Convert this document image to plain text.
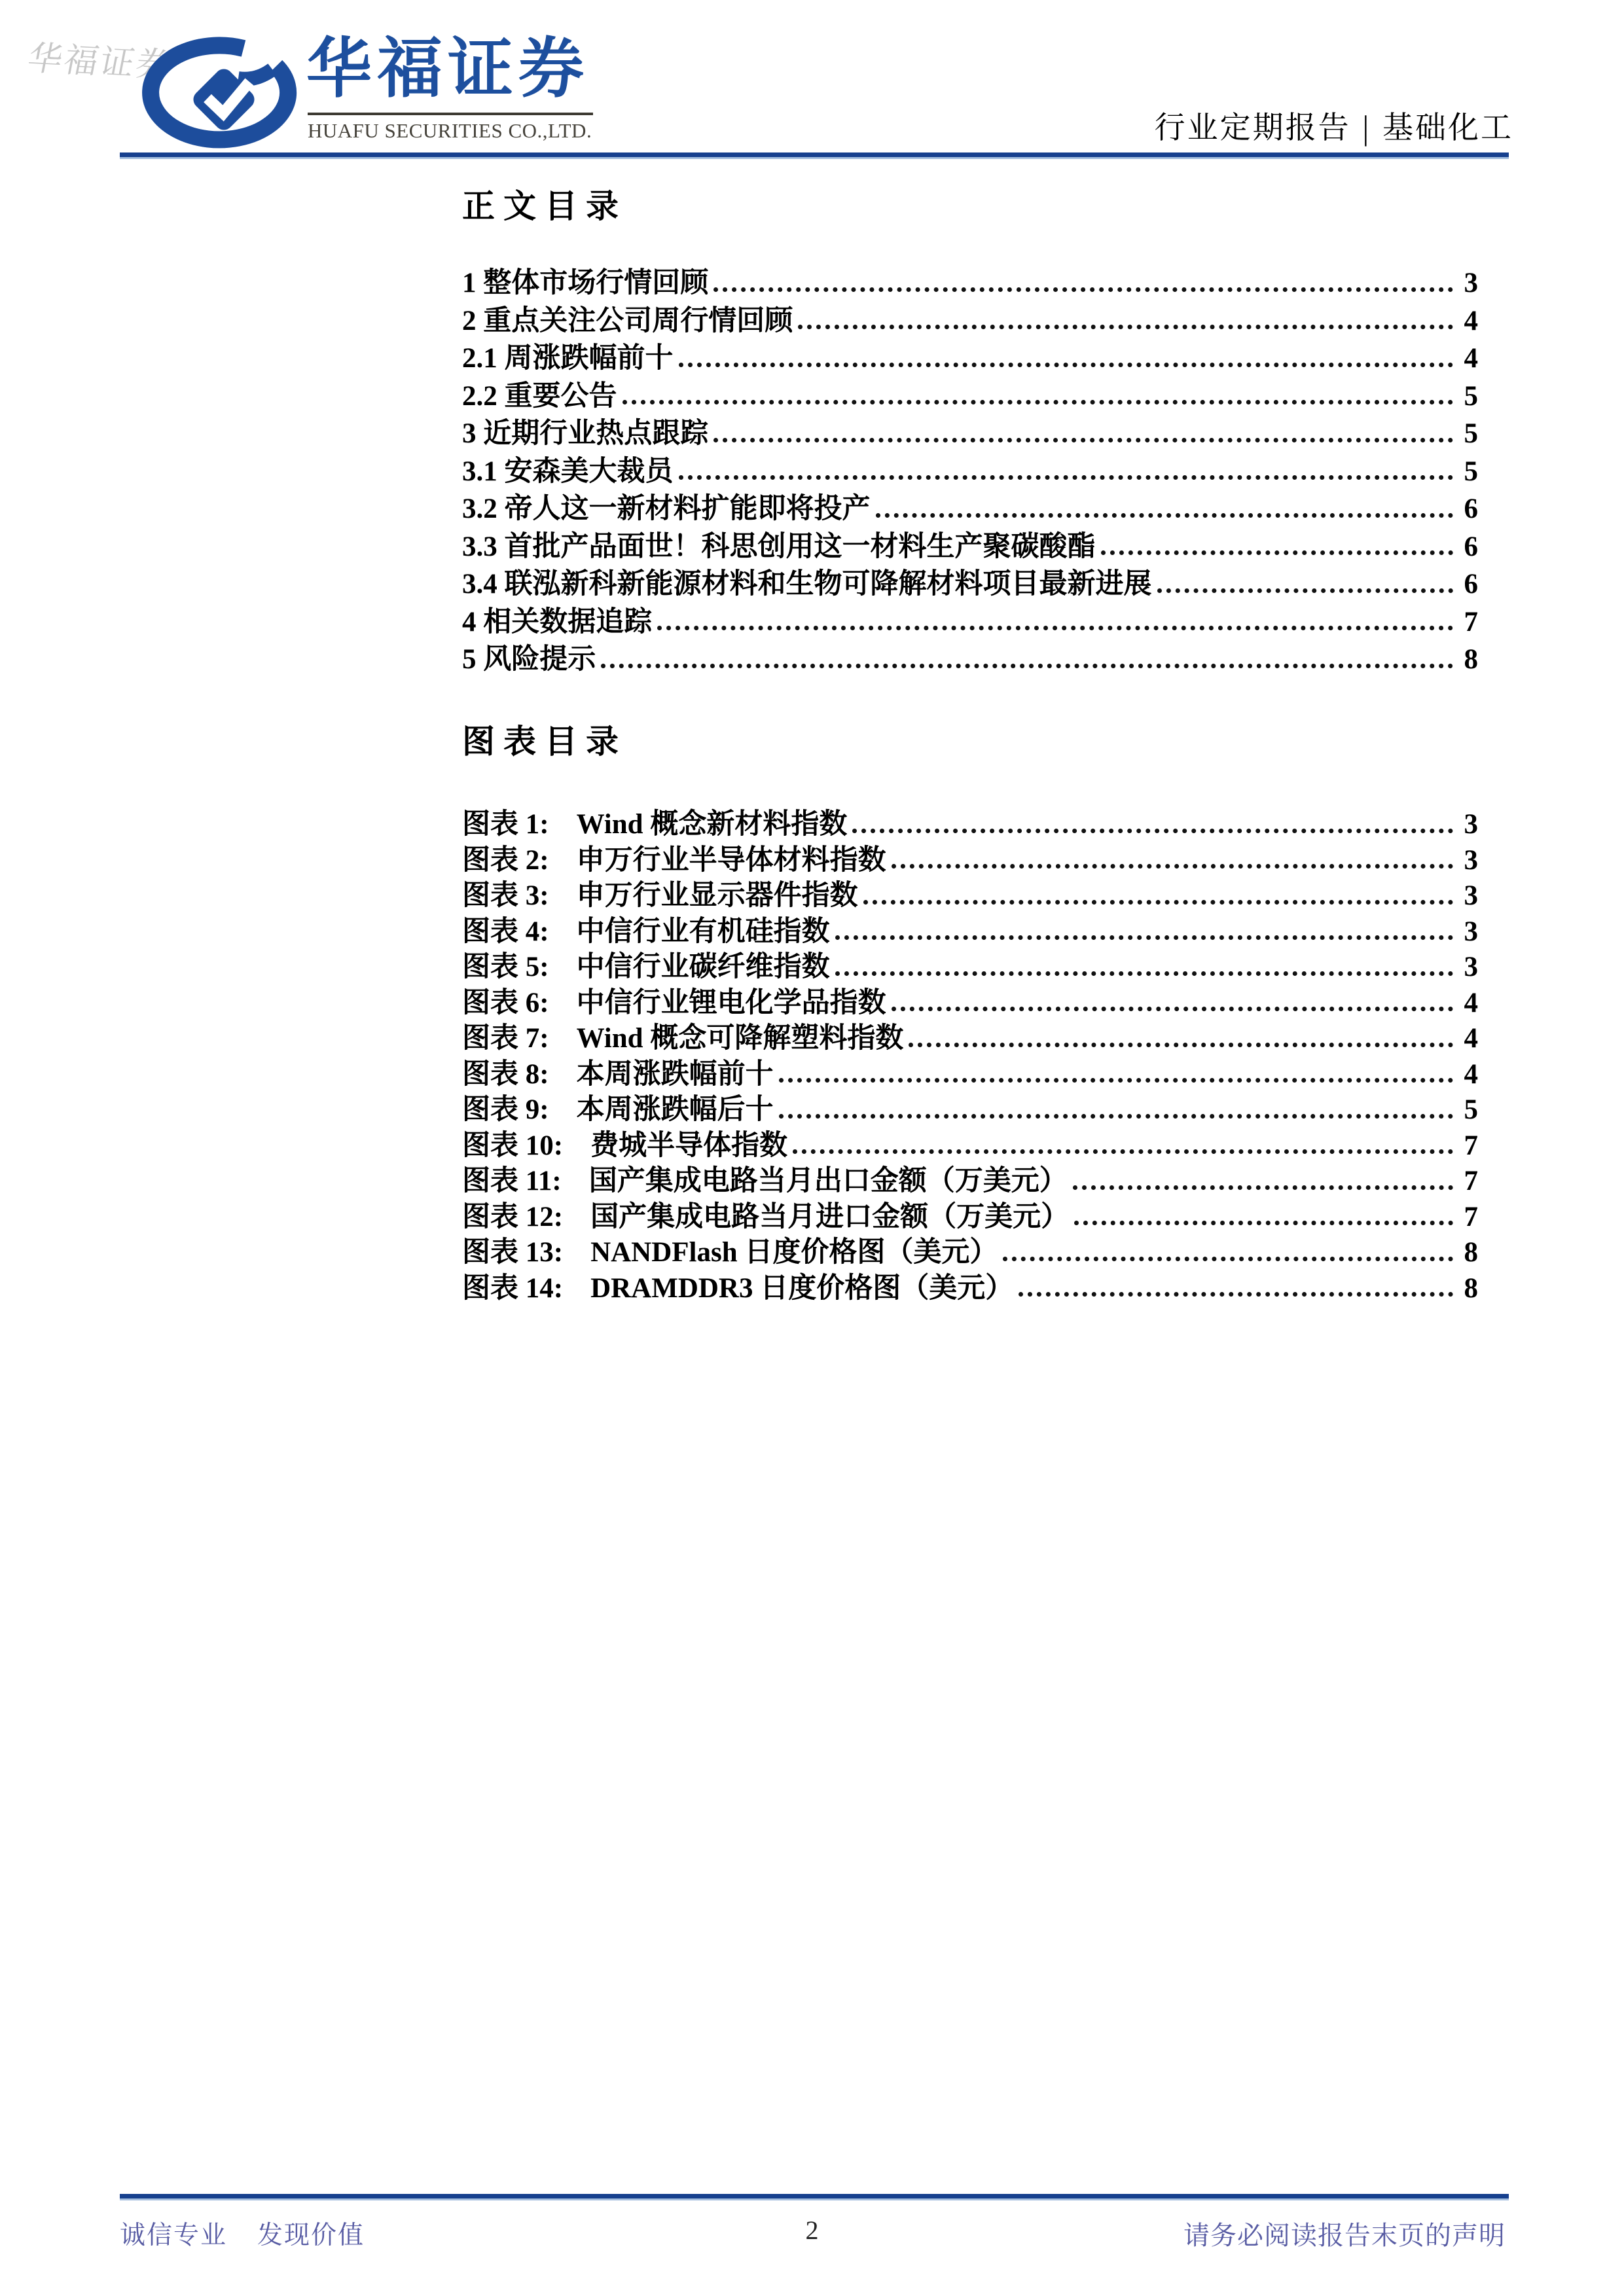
华福证券 华福证券
HUAFU SECURITIES CO.,LTD.	行业定期报告 | 基础化工
正文目录
1 整体市场行情回顾	3
2 重点关注公司周行情回顾	4
2.1 周涨跌幅前十	4
2.2 重要公告	5
3 近期行业热点跟踪	5
3.1 安森美大裁员	5
3.2 帝人这一新材料扩能即将投产	6
3.3 首批产品面世！科思创用这一材料生产聚碳酸酯	6
3.4 联泓新科新能源材料和生物可降解材料项目最新进展	6
4 相关数据追踪	7
5 风险提示	8
图表目录
图表 1: Wind 概念新材料指数	3
图表 2: 申万行业半导体材料指数	3
图表 3: 申万行业显示器件指数	3
图表 4: 中信行业有机硅指数	3
图表 5: 中信行业碳纤维指数	3
图表 6: 中信行业锂电化学品指数	4
图表 7: Wind 概念可降解塑料指数	4
图表 8: 本周涨跌幅前十	4
图表 9: 本周涨跌幅后十	5
图表 10: 费城半导体指数	7
图表 11: 国产集成电路当月出口金额（万美元）	7
图表 12: 国产集成电路当月进口金额（万美元）	7
图表 13: NANDFlash 日度价格图（美元）	8
图表 14: DRAMDDR3 日度价格图（美元）	8
诚信专业 发现价值	2	请务必阅读报告末页的声明
